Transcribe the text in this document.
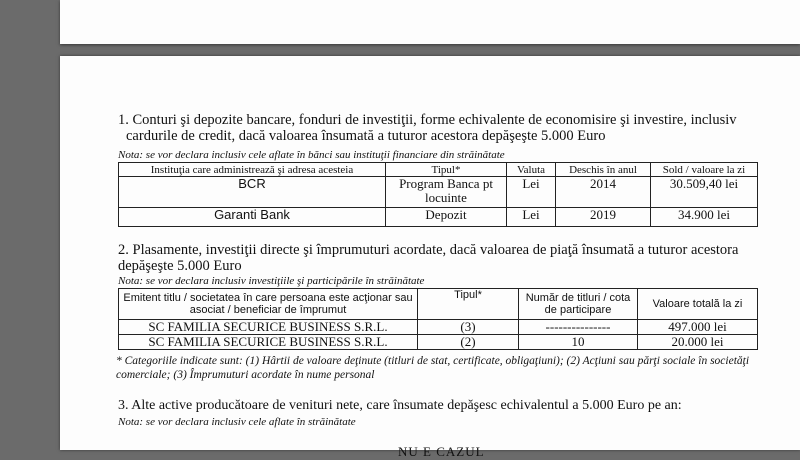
1. Conturi şi depozite bancare, fonduri de investiţii, forme echivalente de economisire şi investire, inclusiv
cardurile de credit, dacă valoarea însumată a tuturor acestora depăşeşte 5.000 Euro
Nota: se vor declara inclusiv cele aflate în bănci sau instituţii financiare din străinătate
Instituţia care administrează şi adresa acesteia	Tipul*	Valuta	Deschis în anul	Sold / valoare la zi
BCR	Program Banca pt locuinte	Lei	2014	30.509,40 lei
Garanti Bank	Depozit	Lei	2019	34.900 lei
2. Plasamente, investiţii directe şi împrumuturi acordate, dacă valoarea de piaţă însumată a tuturor acestora
depăşeşte 5.000 Euro
Nota: se vor declara inclusiv investiţiile şi participările în străinătate
Emitent titlu / societatea în care persoana este acţionar sau asociat / beneficiar de împrumut	Tipul*	Număr de titluri / cota de participare	Valoare totală la zi
SC FAMILIA SECURICE BUSINESS S.R.L.	(3)	---------------	497.000 lei
SC FAMILIA SECURICE BUSINESS S.R.L.	(2)	10	20.000 lei
* Categoriile indicate sunt: (1) Hârtii de valoare deţinute (titluri de stat, certificate, obligaţiuni); (2) Acţiuni sau părţi sociale în societăţi comerciale; (3) Împrumuturi acordate în nume personal
3. Alte active producătoare de venituri nete, care însumate depăşesc echivalentul a 5.000 Euro pe an:
Nota: se vor declara inclusiv cele aflate în străinătate
NU E CAZUL
